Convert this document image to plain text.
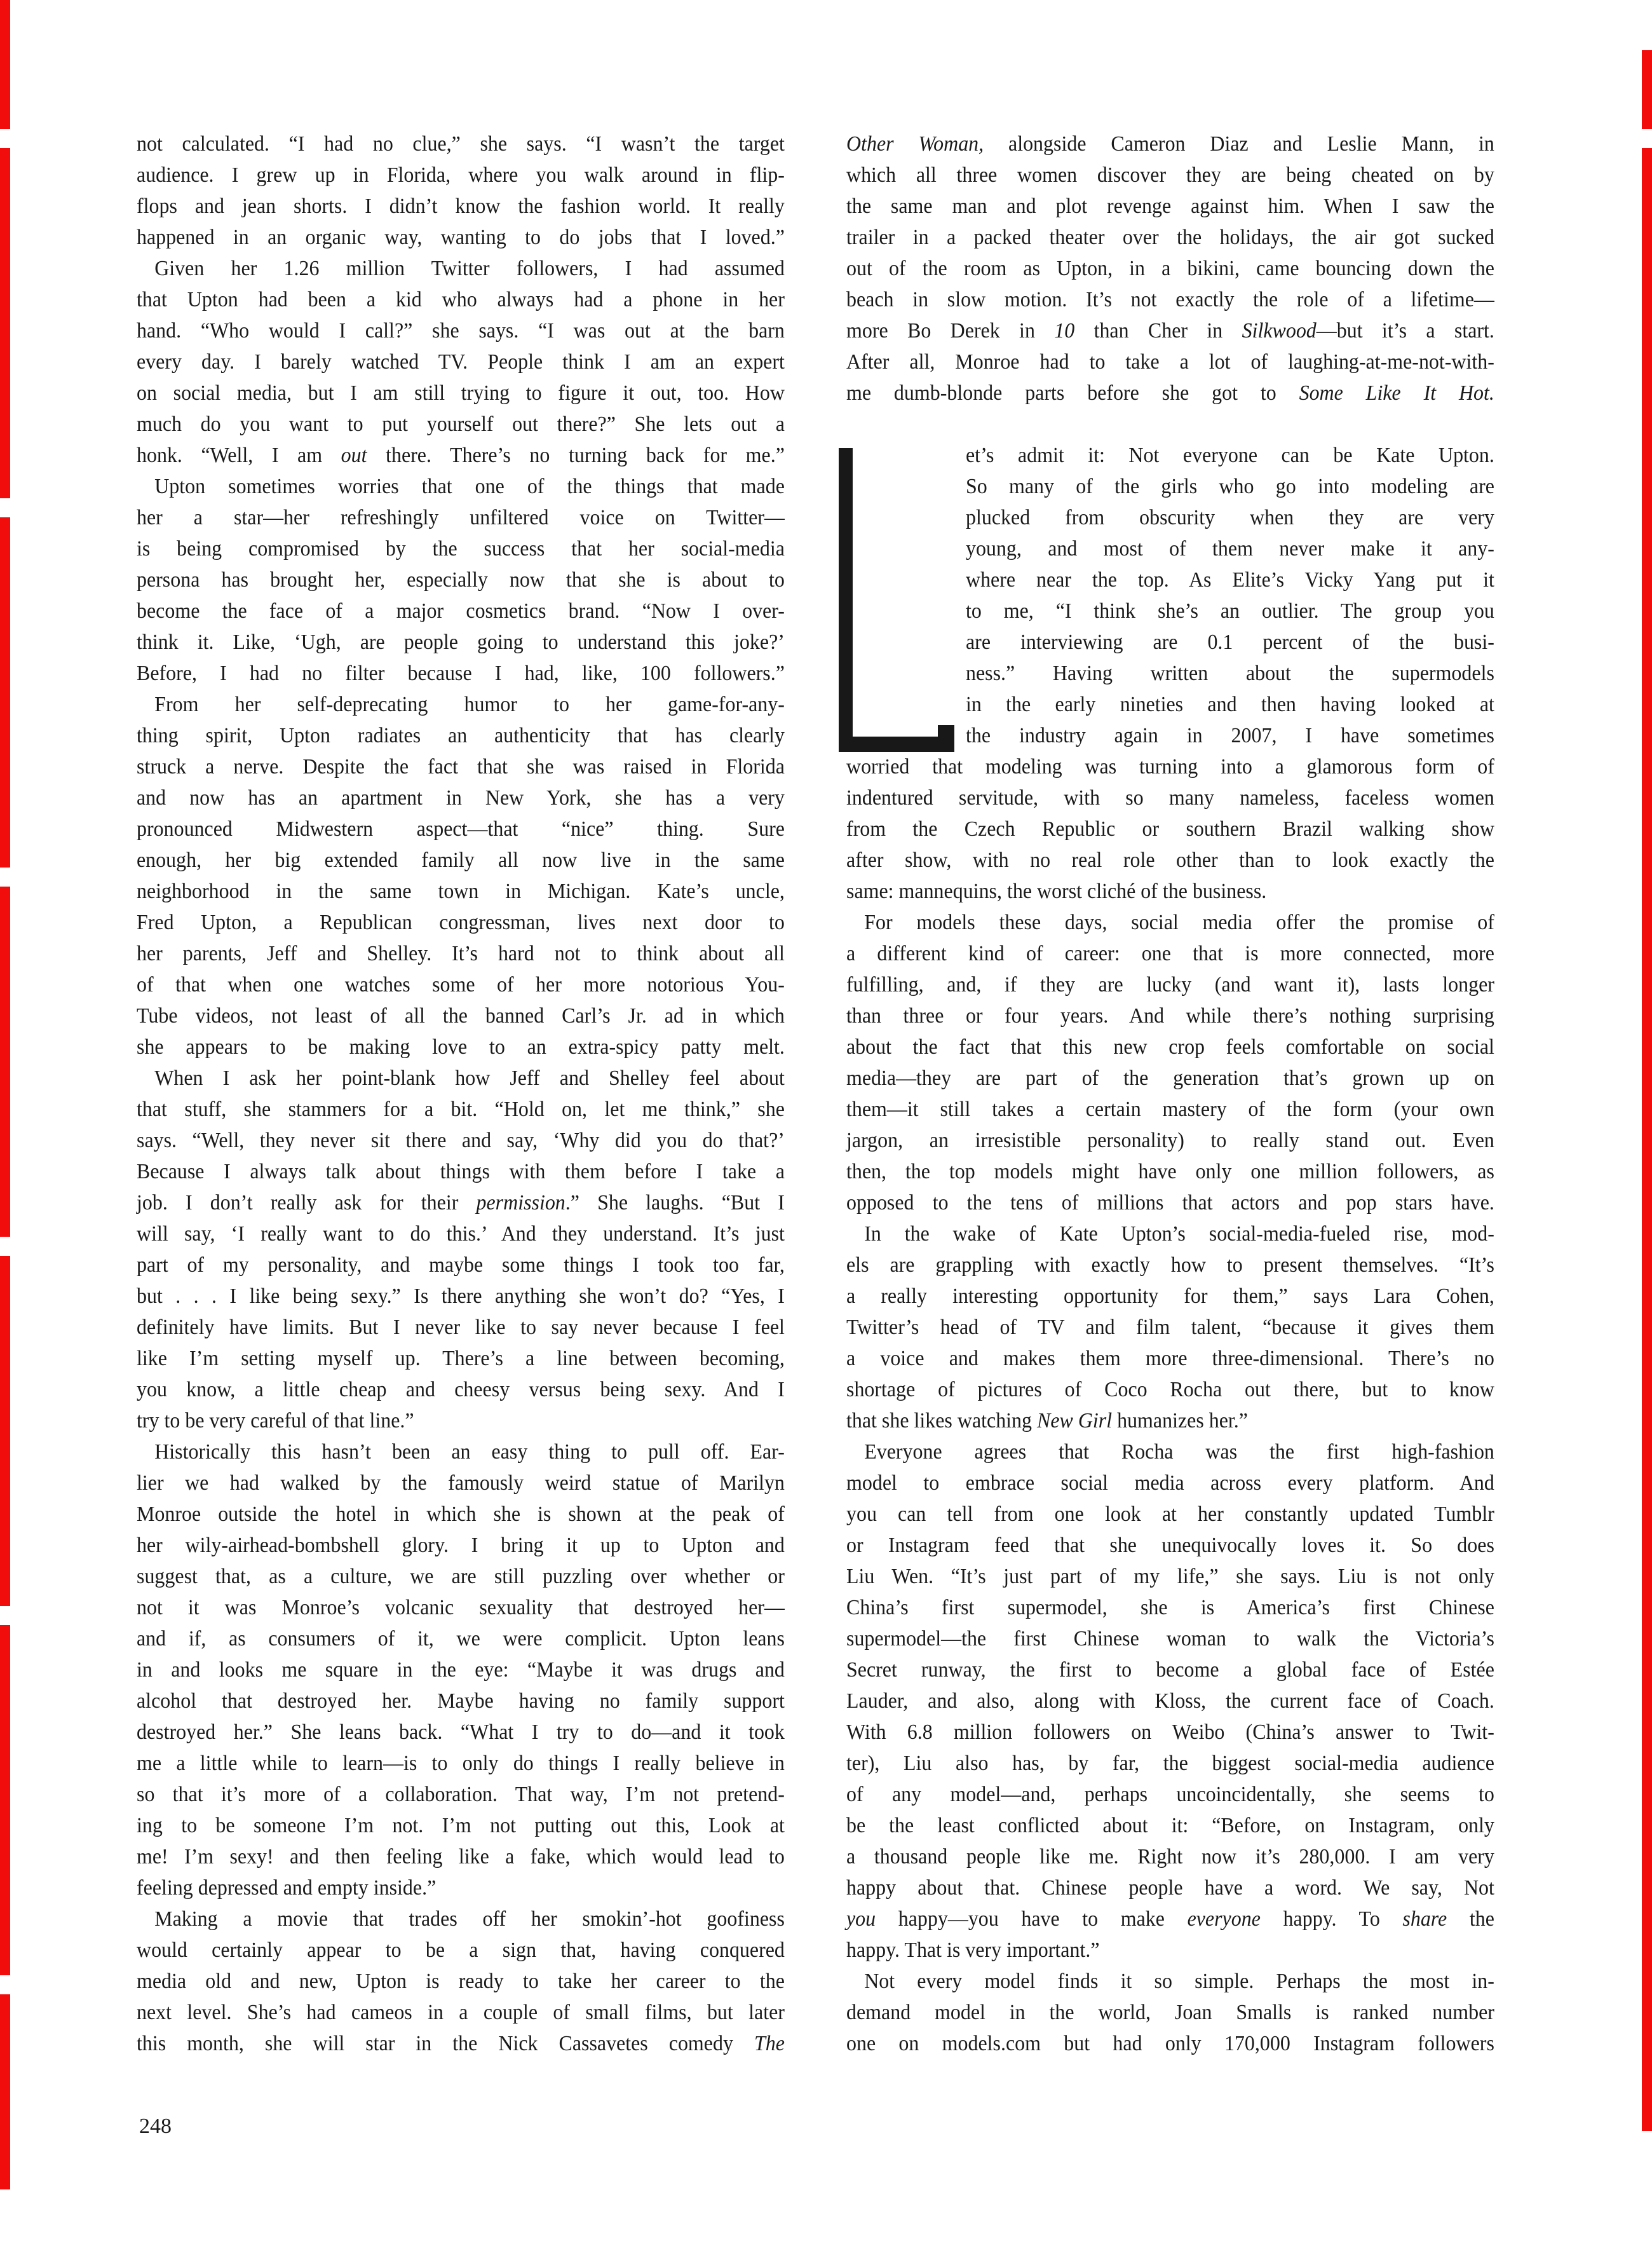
not calculated. “I had no clue,” she says. “I wasn’t the target
audience. I grew up in Florida, where you walk around in flip-
flops and jean shorts. I didn’t know the fashion world. It really
happened in an organic way, wanting to do jobs that I loved.”
Given her 1.26 million Twitter followers, I had assumed
that Upton had been a kid who always had a phone in her
hand. “Who would I call?” she says. “I was out at the barn
every day. I barely watched TV. People think I am an expert
on social media, but I am still trying to figure it out, too. How
much do you want to put yourself out there?” She lets out a
honk. “Well, I am out there. There’s no turning back for me.”
Upton sometimes worries that one of the things that made
her a star—her refreshingly unfiltered voice on Twitter—
is being compromised by the success that her social-media
persona has brought her, especially now that she is about to
become the face of a major cosmetics brand. “Now I over-
think it. Like, ‘Ugh, are people going to understand this joke?’
Before, I had no filter because I had, like, 100 followers.”
From her self-deprecating humor to her game-for-any-
thing spirit, Upton radiates an authenticity that has clearly
struck a nerve. Despite the fact that she was raised in Florida
and now has an apartment in New York, she has a very
pronounced Midwestern aspect—that “nice” thing. Sure
enough, her big extended family all now live in the same
neighborhood in the same town in Michigan. Kate’s uncle,
Fred Upton, a Republican congressman, lives next door to
her parents, Jeff and Shelley. It’s hard not to think about all
of that when one watches some of her more notorious You-
Tube videos, not least of all the banned Carl’s Jr. ad in which
she appears to be making love to an extra-spicy patty melt.
When I ask her point-blank how Jeff and Shelley feel about
that stuff, she stammers for a bit. “Hold on, let me think,” she
says. “Well, they never sit there and say, ‘Why did you do that?’
Because I always talk about things with them before I take a
job. I don’t really ask for their permission.” She laughs. “But I
will say, ‘I really want to do this.’ And they understand. It’s just
part of my personality, and maybe some things I took too far,
but . . . I like being sexy.” Is there anything she won’t do? “Yes, I
definitely have limits. But I never like to say never because I feel
like I’m setting myself up. There’s a line between becoming,
you know, a little cheap and cheesy versus being sexy. And I
try to be very careful of that line.”
Historically this hasn’t been an easy thing to pull off. Ear-
lier we had walked by the famously weird statue of Marilyn
Monroe outside the hotel in which she is shown at the peak of
her wily-airhead-bombshell glory. I bring it up to Upton and
suggest that, as a culture, we are still puzzling over whether or
not it was Monroe’s volcanic sexuality that destroyed her—
and if, as consumers of it, we were complicit. Upton leans
in and looks me square in the eye: “Maybe it was drugs and
alcohol that destroyed her. Maybe having no family support
destroyed her.” She leans back. “What I try to do—and it took
me a little while to learn—is to only do things I really believe in
so that it’s more of a collaboration. That way, I’m not pretend-
ing to be someone I’m not. I’m not putting out this, Look at
me! I’m sexy! and then feeling like a fake, which would lead to
feeling depressed and empty inside.”
Making a movie that trades off her smokin’-hot goofiness
would certainly appear to be a sign that, having conquered
media old and new, Upton is ready to take her career to the
next level. She’s had cameos in a couple of small films, but later
this month, she will star in the Nick Cassavetes comedy The
Other Woman, alongside Cameron Diaz and Leslie Mann, in
which all three women discover they are being cheated on by
the same man and plot revenge against him. When I saw the
trailer in a packed theater over the holidays, the air got sucked
out of the room as Upton, in a bikini, came bouncing down the
beach in slow motion. It’s not exactly the role of a lifetime—
more Bo Derek in 10 than Cher in Silkwood—but it’s a start.
After all, Monroe had to take a lot of laughing-at-me-not-with-
me dumb-blonde parts before she got to Some Like It Hot.
et’s admit it: Not everyone can be Kate Upton.
So many of the girls who go into modeling are
plucked from obscurity when they are very
young, and most of them never make it any-
where near the top. As Elite’s Vicky Yang put it
to me, “I think she’s an outlier. The group you
are interviewing are 0.1 percent of the busi-
ness.” Having written about the supermodels
in the early nineties and then having looked at
the industry again in 2007, I have sometimes
worried that modeling was turning into a glamorous form of
indentured servitude, with so many nameless, faceless women
from the Czech Republic or southern Brazil walking show
after show, with no real role other than to look exactly the
same: mannequins, the worst cliché of the business.
For models these days, social media offer the promise of
a different kind of career: one that is more connected, more
fulfilling, and, if they are lucky (and want it), lasts longer
than three or four years. And while there’s nothing surprising
about the fact that this new crop feels comfortable on social
media—they are part of the generation that’s grown up on
them—it still takes a certain mastery of the form (your own
jargon, an irresistible personality) to really stand out. Even
then, the top models might have only one million followers, as
opposed to the tens of millions that actors and pop stars have.
In the wake of Kate Upton’s social-media-fueled rise, mod-
els are grappling with exactly how to present themselves. “It’s
a really interesting opportunity for them,” says Lara Cohen,
Twitter’s head of TV and film talent, “because it gives them
a voice and makes them more three-dimensional. There’s no
shortage of pictures of Coco Rocha out there, but to know
that she likes watching New Girl humanizes her.”
Everyone agrees that Rocha was the first high-fashion
model to embrace social media across every platform. And
you can tell from one look at her constantly updated Tumblr
or Instagram feed that she unequivocally loves it. So does
Liu Wen. “It’s just part of my life,” she says. Liu is not only
China’s first supermodel, she is America’s first Chinese
supermodel—the first Chinese woman to walk the Victoria’s
Secret runway, the first to become a global face of Estée
Lauder, and also, along with Kloss, the current face of Coach.
With 6.8 million followers on Weibo (China’s answer to Twit-
ter), Liu also has, by far, the biggest social-media audience
of any model—and, perhaps uncoincidentally, she seems to
be the least conflicted about it: “Before, on Instagram, only
a thousand people like me. Right now it’s 280,000. I am very
happy about that. Chinese people have a word. We say, Not
you happy—you have to make everyone happy. To share the
happy. That is very important.”
Not every model finds it so simple. Perhaps the most in-
demand model in the world, Joan Smalls is ranked number
one on models.com but had only 170,000 Instagram followers
248
